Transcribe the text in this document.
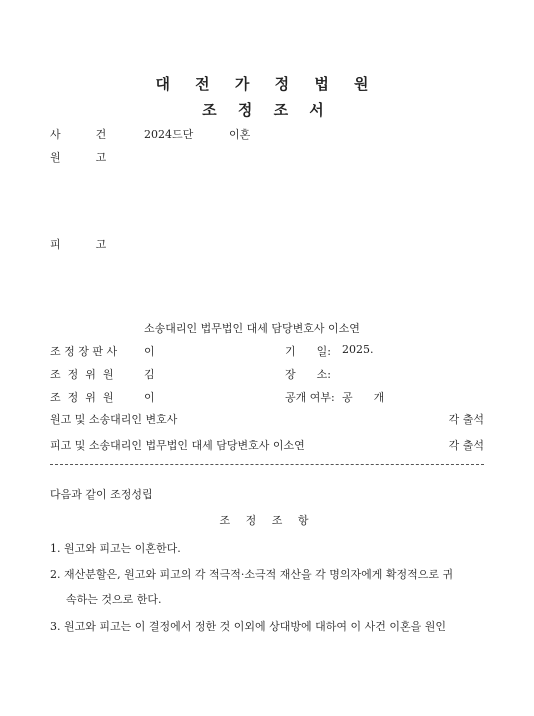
대 전 가 정 법 원
조 정 조 서
사          건	2024드단	이혼
원          고
피          고
소송대리인 법무법인 대세 담당변호사 이소연
조 정 장 판 사 이	기      일: 2025.
조  정  위  원	김	장      소:
조  정  위  원	이	공개 여부: 공      개
원고 및 소송대리인 변호사	각 출석
피고 및 소송대리인 법무법인 대세 담당변호사 이소연	각 출석
다음과 같이 조정성립
조 정 조 항
1. 원고와 피고는 이혼한다.
2. 재산분할은, 원고와 피고의 각 적극적·소극적 재산을 각 명의자에게 확정적으로 귀
속하는 것으로 한다.
3. 원고와 피고는 이 결정에서 정한 것 이외에 상대방에 대하여 이 사건 이혼을 원인
